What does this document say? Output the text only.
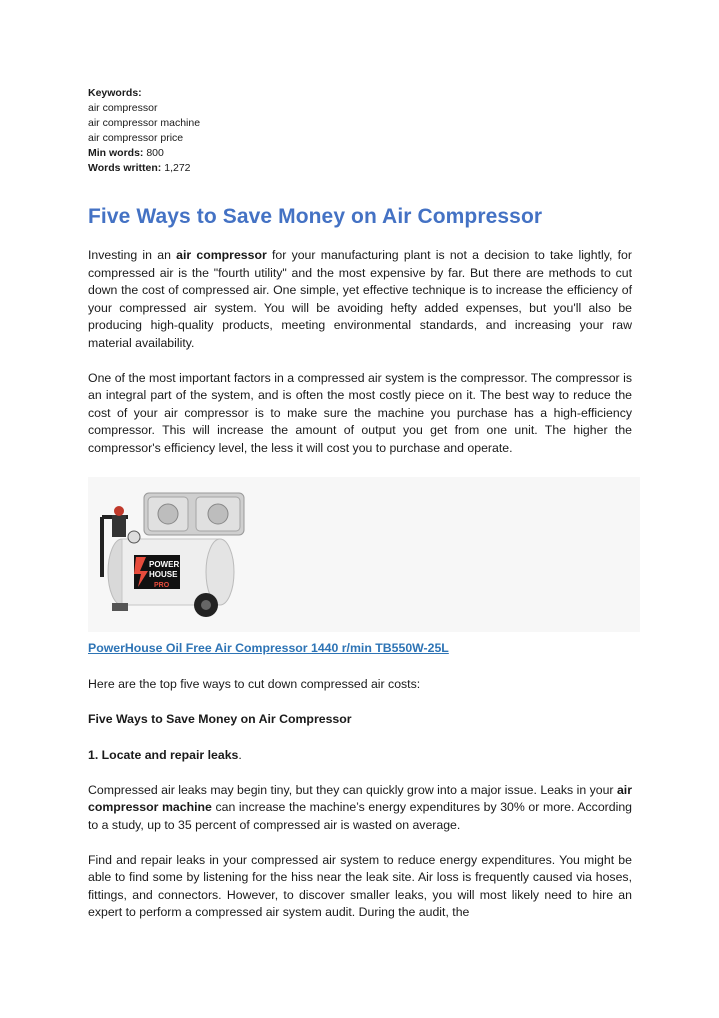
Keywords:
air compressor
air compressor machine
air compressor price
Min words: 800
Words written: 1,272
Five Ways to Save Money on Air Compressor

Investing in an air compressor for your manufacturing plant is not a decision to take lightly, for compressed air is the "fourth utility" and the most expensive by far. But there are methods to cut down the cost of compressed air. One simple, yet effective technique is to increase the efficiency of your compressed air system. You will be avoiding hefty added expenses, but you'll also be producing high-quality products, meeting environmental standards, and increasing your raw material availability.

One of the most important factors in a compressed air system is the compressor. The compressor is an integral part of the system, and is often the most costly piece on it. The best way to reduce the cost of your air compressor is to make sure the machine you purchase has a high-efficiency compressor. This will increase the amount of output you get from one unit. The higher the compressor's efficiency level, the less it will cost you to purchase and operate.

POWER
HOUSE
PRO
PowerHouse Oil Free Air Compressor 1440 r/min TB550W-25L

Here are the top five ways to cut down compressed air costs:

Five Ways to Save Money on Air Compressor

1. Locate and repair leaks.

Compressed air leaks may begin tiny, but they can quickly grow into a major issue. Leaks in your air compressor machine can increase the machine’s energy expenditures by 30% or more. According to a study, up to 35 percent of compressed air is wasted on average.

Find and repair leaks in your compressed air system to reduce energy expenditures. You might be able to find some by listening for the hiss near the leak site. Air loss is frequently caused via hoses, fittings, and connectors. However, to discover smaller leaks, you will most likely need to hire an expert to perform a compressed air system audit. During the audit, the
